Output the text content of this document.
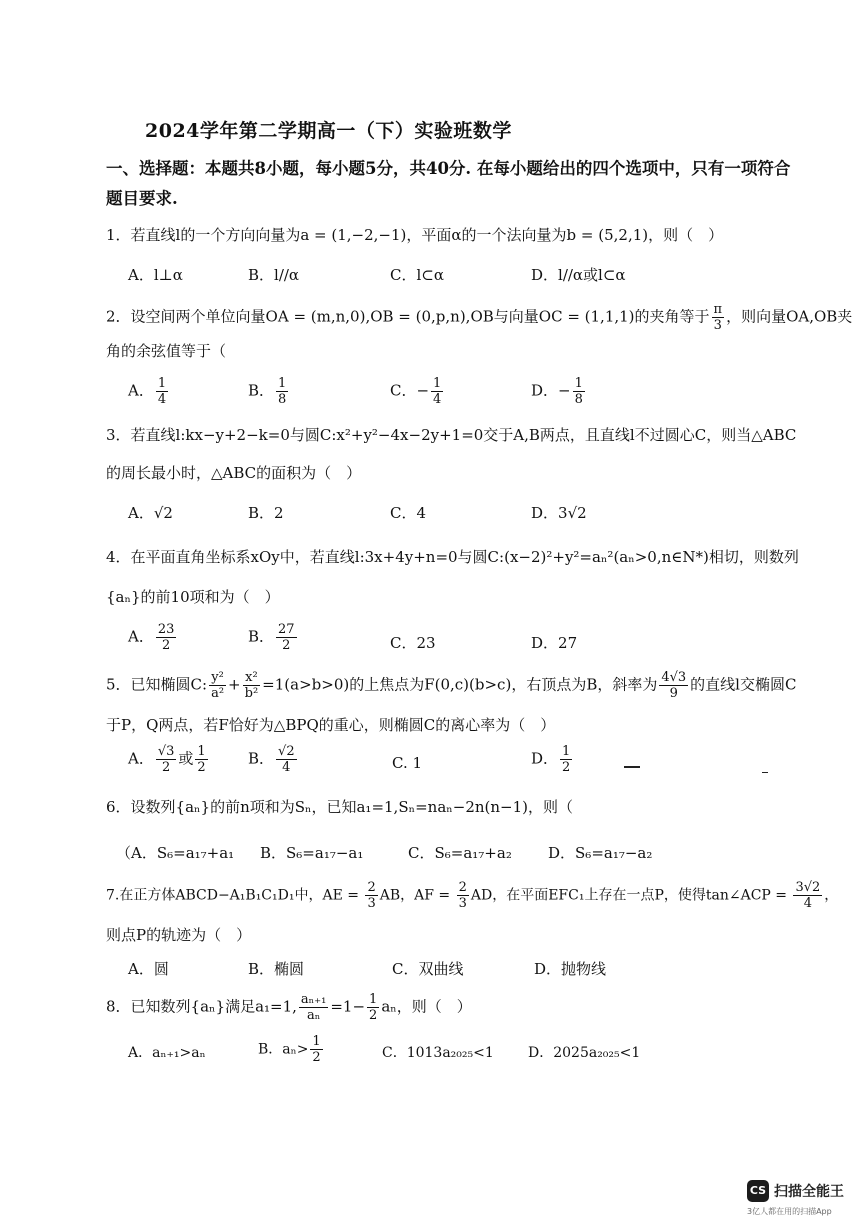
2024学年第二学期高一（下）实验班数学
一、选择题：本题共8小题，每小题5分，共40分. 在每小题给出的四个选项中，只有一项符合题目要求.
1．若直线l的一个方向向量为a = (1,−2,−1)，平面α的一个法向量为b = (5,2,1)，则（　）
A．l⊥α	B．l//α	C．l⊂α	D．l//α或l⊂α
2．设空间两个单位向量OA = (m,n,0),OB = (0,p,n),OB与向量OC = (1,1,1)的夹角等于 $\frac{\pi}{3}$ ，则向量OA,OB夹
角的余弦值等于（
A． $\frac{1}{4}$	B． $\frac{1}{8}$	C．− $\frac{1}{4}$	D．− $\frac{1}{8}$
3．若直线l:kx−y+2−k=0与圆C:x²+y²−4x−2y+1=0交于A,B两点，且直线l不过圆心C，则当△ABC
的周长最小时，△ABC的面积为（　）
A．√2	B．2	C．4	D．3√2
4．在平面直角坐标系xOy中，若直线l:3x+4y+n=0与圆C:(x−2)²+y²=aₙ²(aₙ>0,n∈N*)相切，则数列
{aₙ}的前10项和为（　）
A． $\frac{23}{2}$	B． $\frac{27}{2}$	C．23	D．27
5．已知椭圆C: $\frac{\text{y²}}{\text{a²}} + \frac{\text{x²}}{\text{b²}} =1(a>b>0)$的上焦点为F(0,c)(b>c)，右顶点为B，斜率为 $\frac{4√3}{9}$ 的直线l交椭圆C
于P，Q两点，若F恰好为△BPQ的重心，则椭圆C的离心率为（　）
A． $\frac{√3}{2}$ 或 $\frac{1}{2}$	B． $\frac{√2}{4}$	C. 1	D． $\frac{1}{2}$
6．设数列{aₙ}的前n项和为Sₙ，已知a₁=1,Sₙ=naₙ−2n(n−1)，则（
（A．S₆=a₁₇+a₁ B．S₆=a₁₇−a₁	C．S₆=a₁₇+a₂ D．S₆=a₁₇−a₂
7.在正方体ABCD−A₁B₁C₁D₁中，AE = $\frac{2}{3}$ AB，AF = $\frac{2}{3}$ AD，在平面EFC₁上存在一点P，使得tan∠ACP = $\frac{3√2}{4}$ ，
则点P的轨迹为（　）
A．圆	B．椭圆	C．双曲线	D．抛物线
8．已知数列{aₙ}满足a₁=1, $\frac{\text{aₙ₊₁}}{\text{aₙ}} =1- \frac{1}{2}$ aₙ，则（　）
A．aₙ₊₁>aₙ	B．$a_n> \frac{1}{2}$	C．1013a₂₀₂₅<1 D．2025a₂₀₂₅<1
CS 扫描全能王
3亿人都在用的扫描App
